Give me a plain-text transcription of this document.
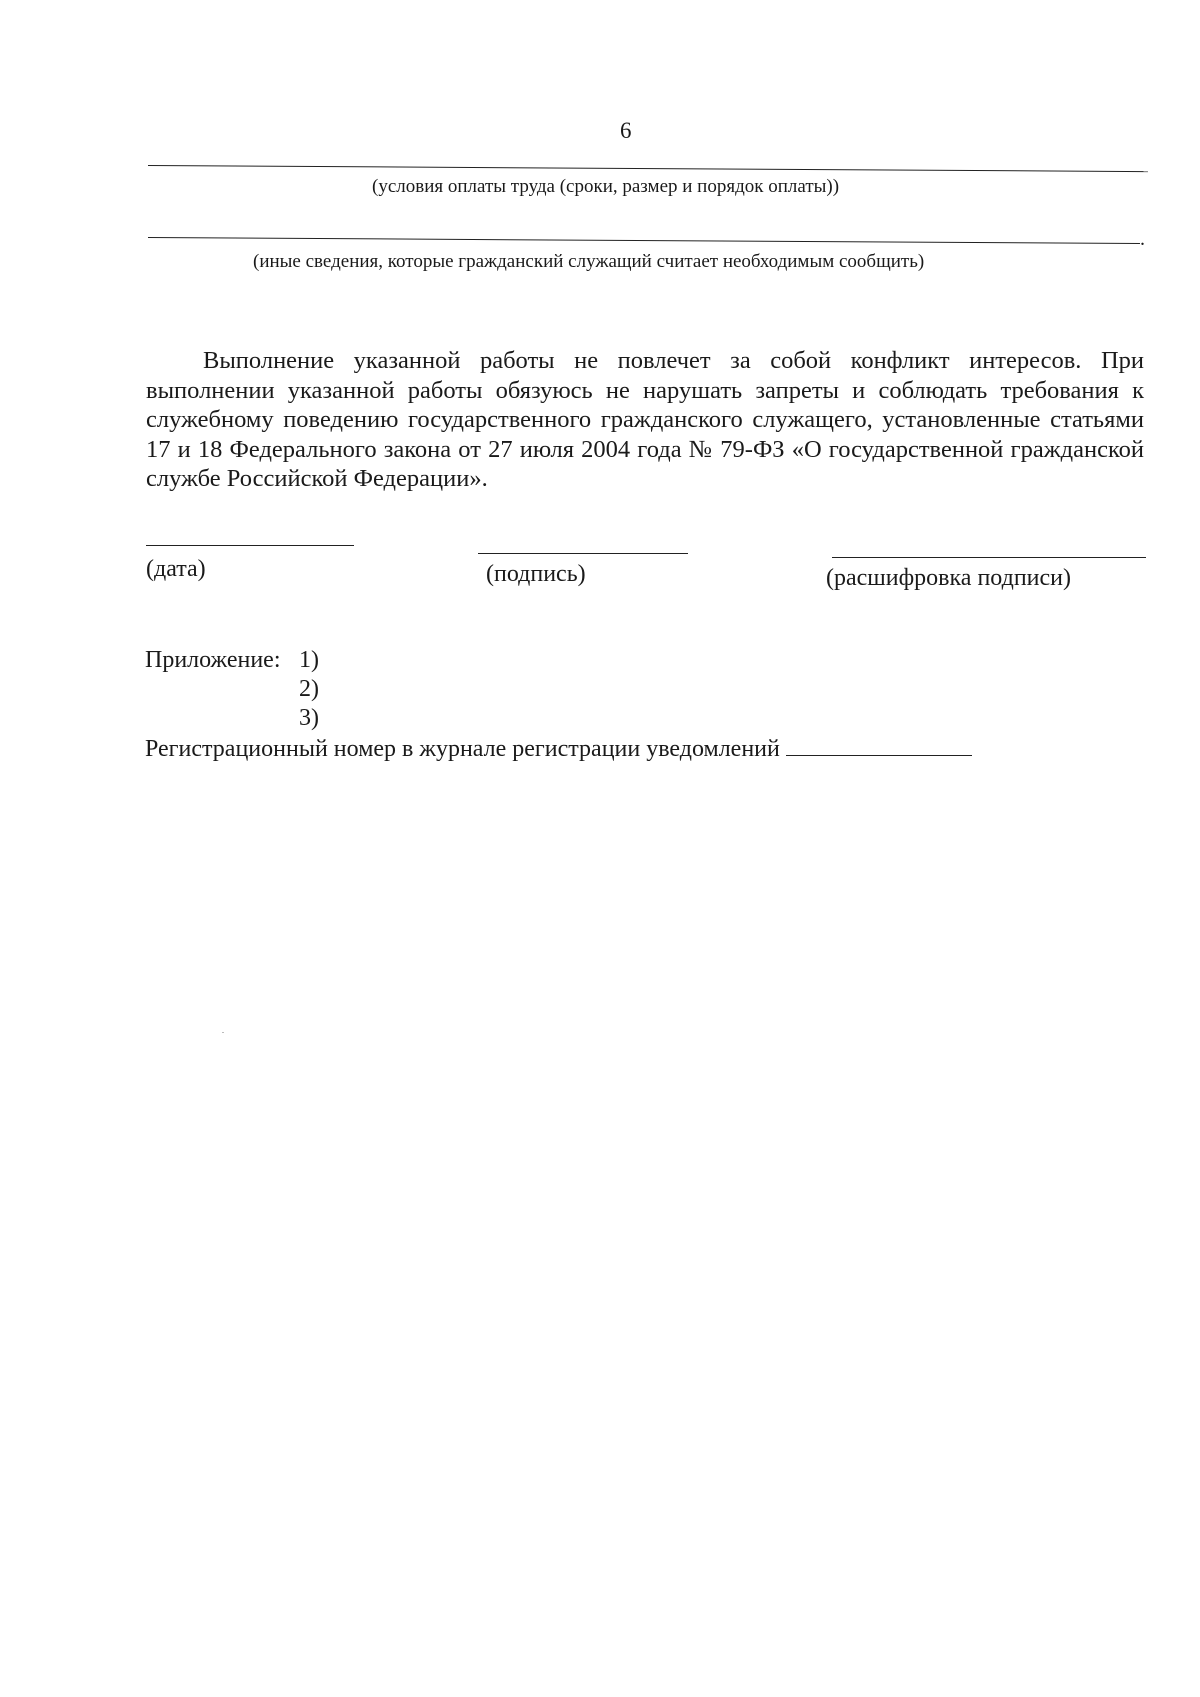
6
(условия оплаты труда (сроки, размер и порядок оплаты))
.
(иные сведения, которые гражданский служащий считает необходимым сообщить)

Выполнение указанной работы не повлечет за собой конфликт интересов. При выполнении указанной работы обязуюсь не нарушать запреты и соблюдать требования к служебному поведению государственного гражданского служащего, установленные статьями 17 и 18 Федерального закона от 27 июля 2004 года № 79-ФЗ «О государственной гражданской службе Российской Федерации».

(дата)	(подпись)	(расшифровка подписи)
Приложение: 1)
2)
3)
Регистрационный номер в журнале регистрации уведомлений
